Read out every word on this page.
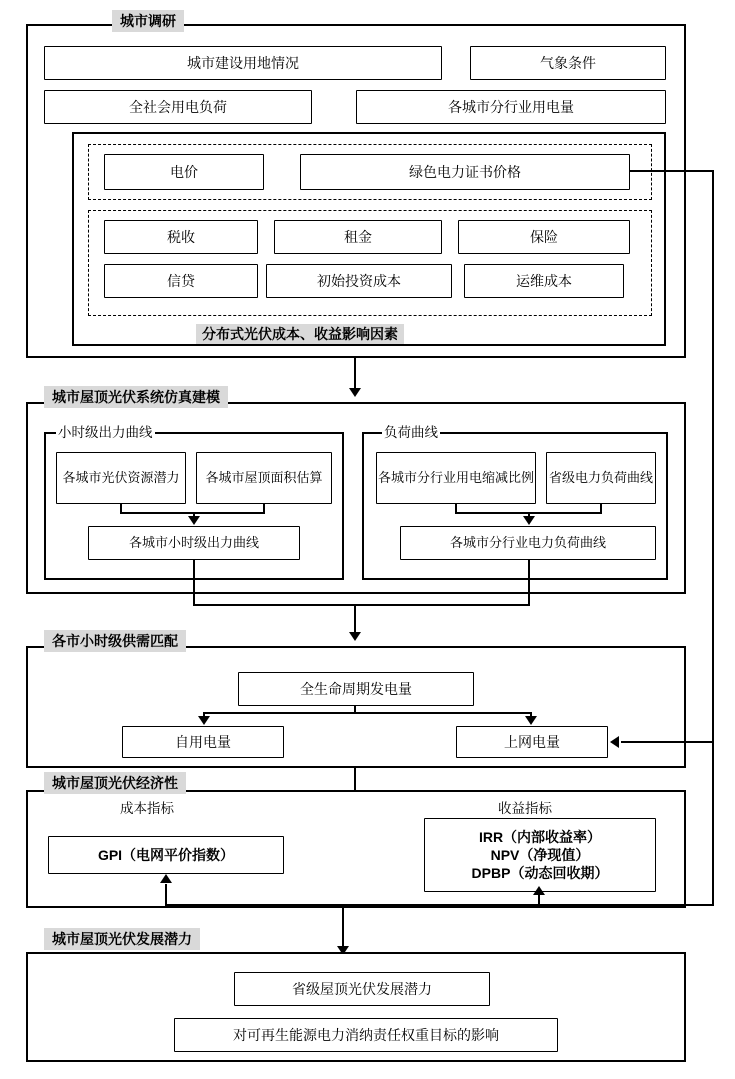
城市调研
城市建设用地情况	气象条件
全社会用电负荷	各城市分行业用电量
电价	绿色电力证书价格
税收	租金	保险
信贷	初始投资成本	运维成本
分布式光伏成本、收益影响因素
城市屋顶光伏系统仿真建模
小时级出力曲线
各城市光伏资源潜力	各城市屋顶面积估算
各城市小时级出力曲线
负荷曲线
各城市分行业用电缩减比例 省级电力负荷曲线
各城市分行业电力负荷曲线
各市小时级供需匹配
全生命周期发电量
自用电量	上网电量
城市屋顶光伏经济性
成本指标	收益指标
GPI（电网平价指数）
IRR（内部收益率）
NPV（净现值）
DPBP（动态回收期）
城市屋顶光伏发展潜力
省级屋顶光伏发展潜力
对可再生能源电力消纳责任权重目标的影响
